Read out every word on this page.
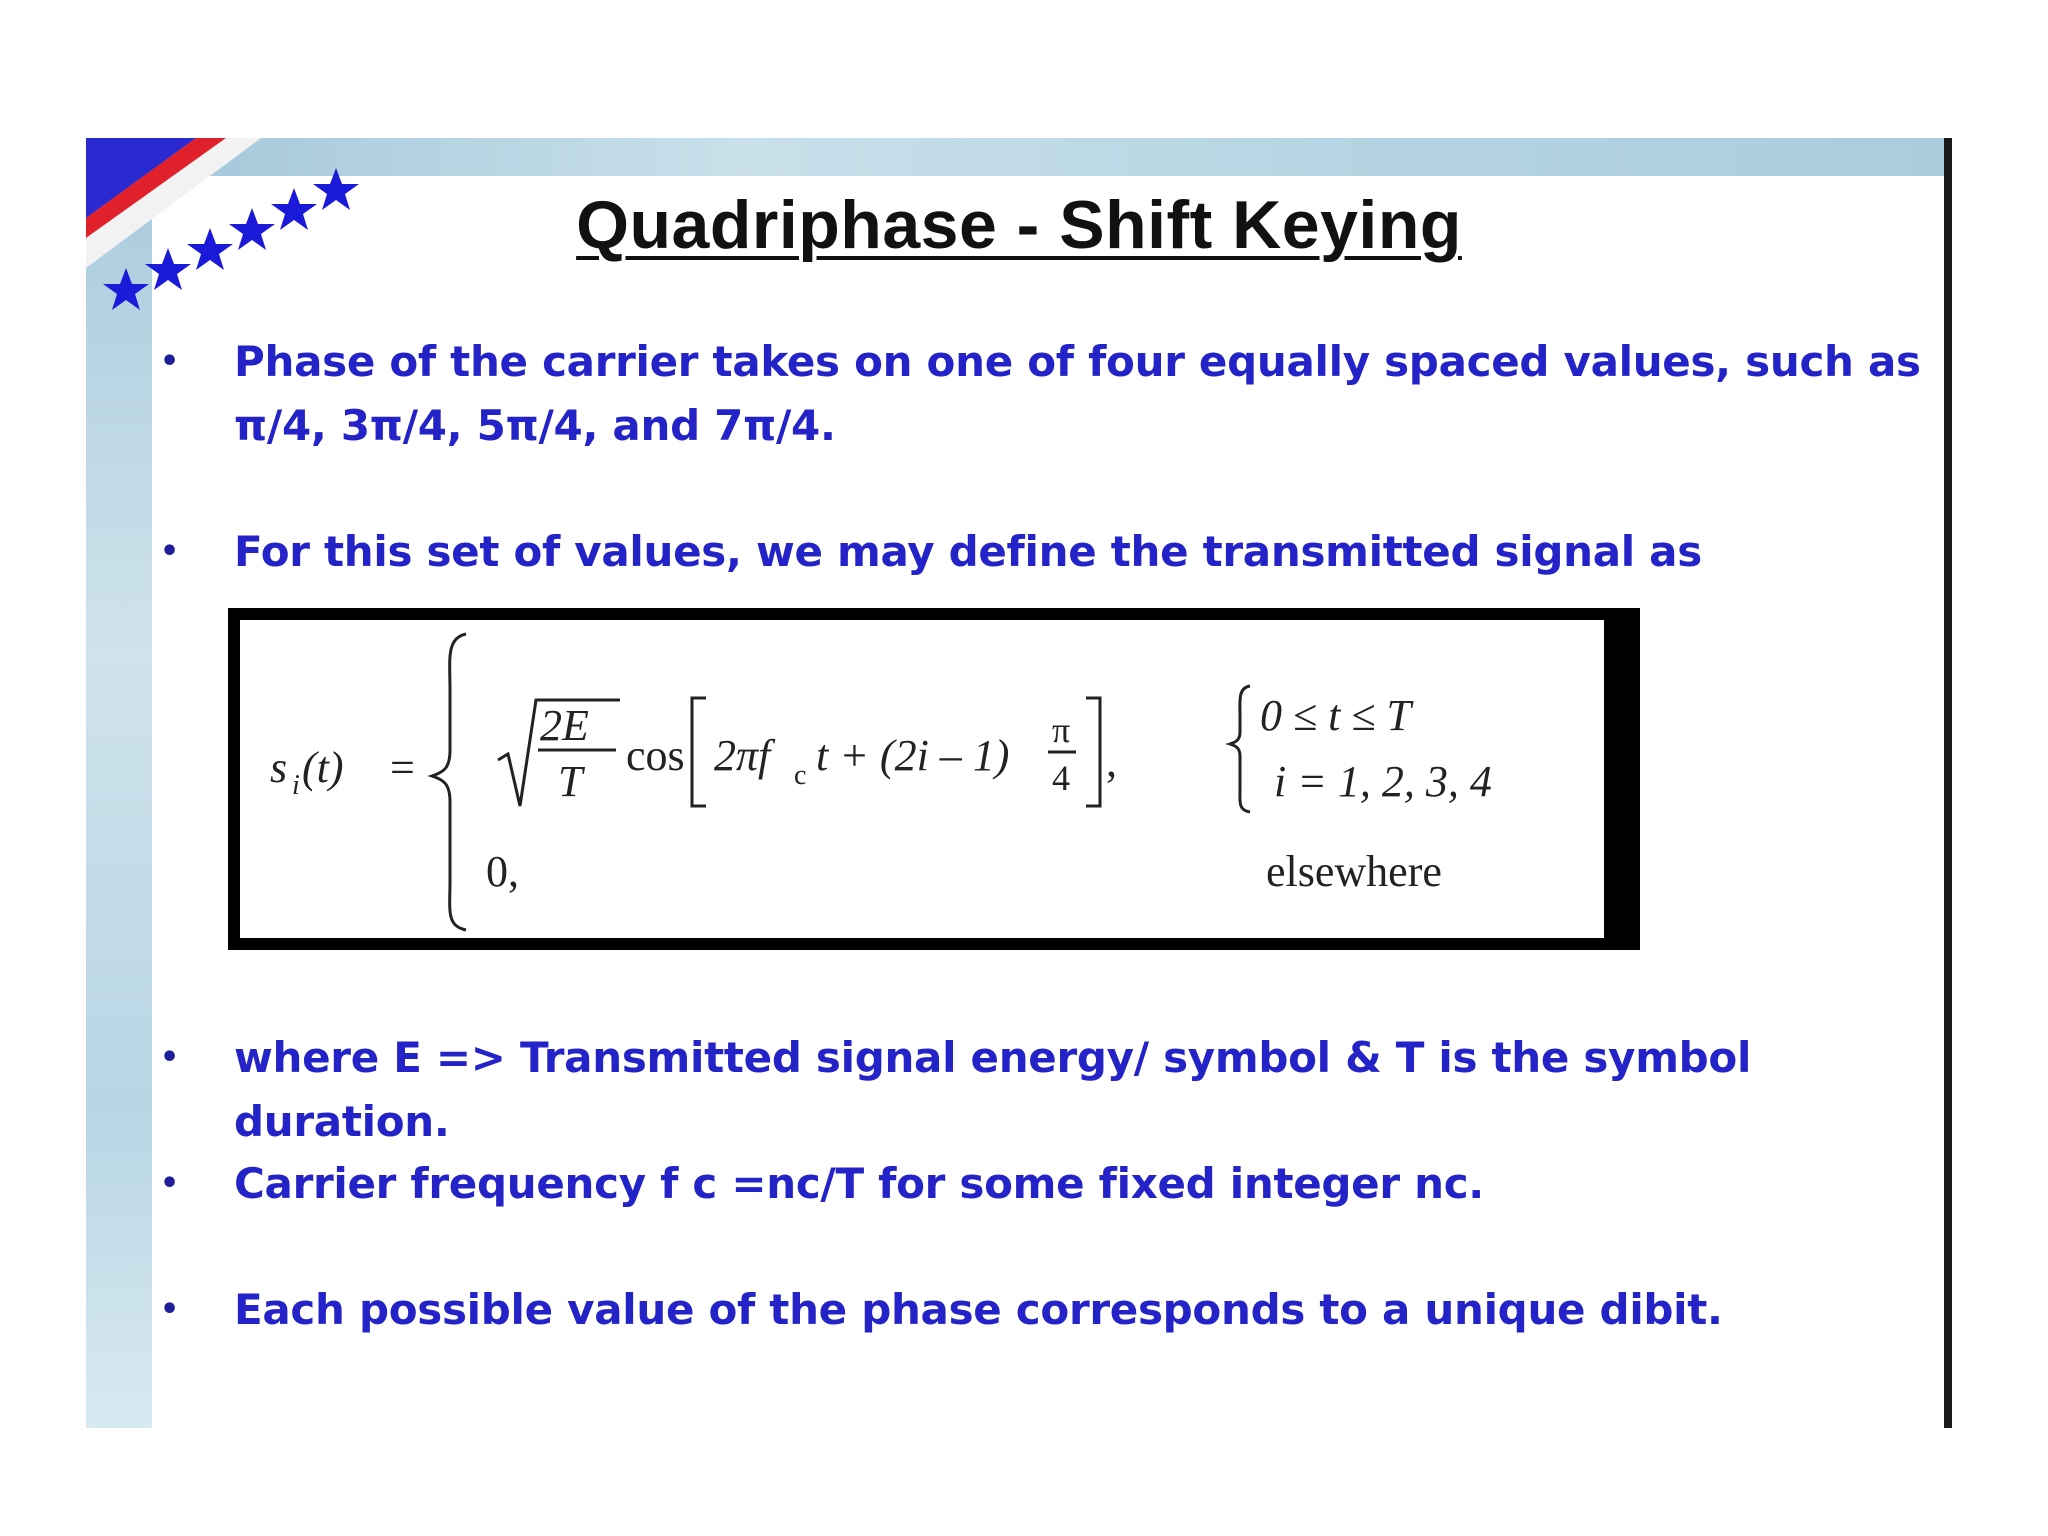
Quadriphase - Shift Keying
•	Phase of the carrier takes on one of four equally spaced values, such as π/4, 3π/4, 5π/4, and 7π/4.
•	For this set of values, we may define the transmitted signal as
s i (t) =
2E
T
cos 2πf c t + (2i – 1)
π
4 ,
0 ≤ t ≤ T
i = 1, 2, 3, 4
0,	elsewhere
•	where E => Transmitted signal energy/ symbol & T is the symbol duration.
•	Carrier frequency f c =nc/T for some fixed integer nc.
•	Each possible value of the phase corresponds to a unique dibit.
